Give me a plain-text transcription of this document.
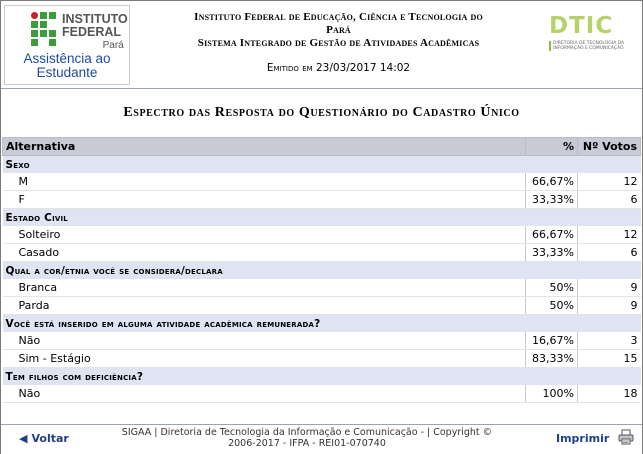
INSTITUTO
FEDERAL
Pará
Assistência ao
Estudante
Instituto Federal de Educação, Ciência e Tecnologia do
Pará
Sistema Integrado de Gestão de Atividades Acadêmicas
Emitido em 23/03/2017 14:02
DTIC
DIRETORIA DE TECNOLOGIA DA INFORMAÇÃO E COMUNICAÇÃO
Espectro das Resposta do Questionário do Cadastro Único
Alternativa	%	Nº Votos
Sexo		
M	66,67%	12
F	33,33%	6
Estado Civil		
Solteiro	66,67%	12
Casado	33,33%	6
Qual a cor/etnia você se considera/declara		
Branca	50%	9
Parda	50%	9
Você está inserido em alguma atividade acadêmica remunerada?		
Não	16,67%	3
Sim - Estágio	83,33%	15
Tem filhos com deficiência?		
Não	100%	18
◀ Voltar	SIGAA | Diretoria de Tecnologia da Informação e Comunicação - | Copyright ©
2006-2017 - IFPA - REI01-070740	Imprimir
